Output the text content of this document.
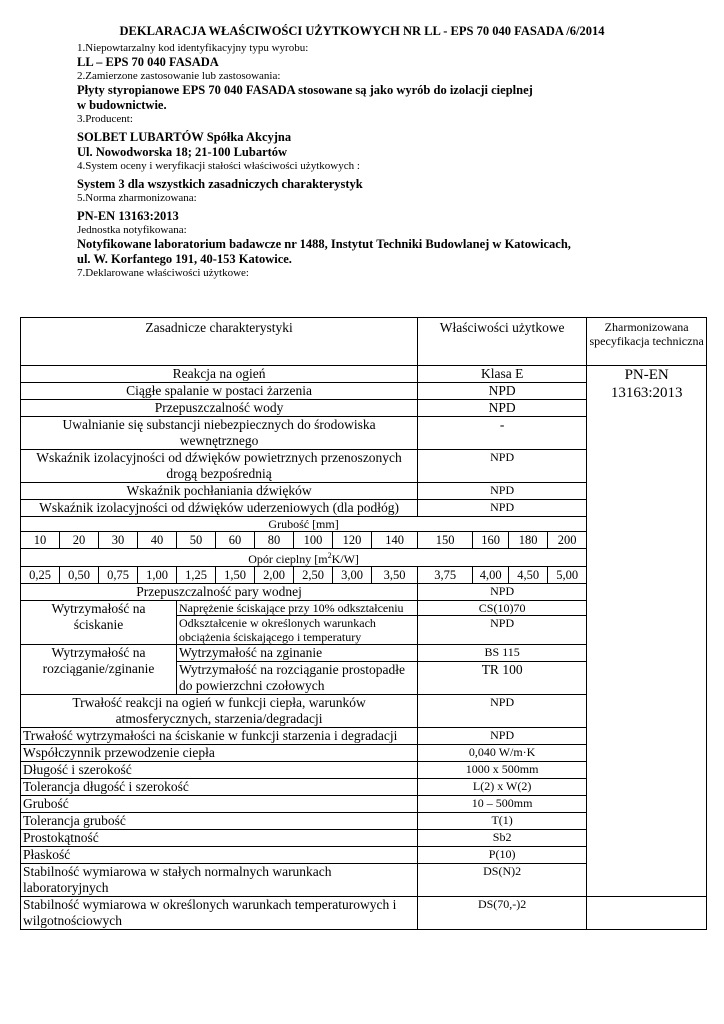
DEKLARACJA WŁAŚCIWOŚCI UŻYTKOWYCH NR LL - EPS 70 040 FASADA /6/2014
1.Niepowtarzalny kod identyfikacyjny typu wyrobu:
LL – EPS 70 040 FASADA
2.Zamierzone zastosowanie lub zastosowania:
Płyty styropianowe EPS 70 040 FASADA stosowane są jako wyrób do izolacji cieplnej
w budownictwie.
3.Producent:
SOLBET LUBARTÓW Spółka Akcyjna
Ul. Nowodworska 18; 21-100 Lubartów
4.System oceny i weryfikacji stałości właściwości użytkowych :
System 3 dla wszystkich zasadniczych charakterystyk
5.Norma zharmonizowana:
PN-EN 13163:2013
Jednostka notyfikowana:
Notyfikowane laboratorium badawcze nr 1488, Instytut Techniki Budowlanej w Katowicach,
ul. W. Korfantego 191, 40-153 Katowice.
7.Deklarowane właściwości użytkowe:
Zasadnicze charakterystyki										Właściwości użytkowe				Zharmonizowana specyfikacja techniczna
Reakcja na ogień										Klasa E				PN-EN 13163:2013
Ciągłe spalanie w postaci żarzenia										NPD				
Przepuszczalność wody										NPD				
Uwalnianie się substancji niebezpiecznych do środowiska wewnętrznego										-				
Wskaźnik izolacyjności od dźwięków powietrznych przenoszonych drogą bezpośrednią										NPD				
Wskaźnik pochłaniania dźwięków										NPD				
Wskaźnik izolacyjności od dźwięków uderzeniowych (dla podłóg)										NPD				
Grubość [mm]														
10	20	30	40	50	60	80	100	120	140	150	160	180	200	
Opór cieplny $[m^2K/W]$														
0,25	0,50	0,75	1,00	1,25	1,50	2,00	2,50	3,00	3,50	3,75	4,00	4,50	5,00	
Przepuszczalność pary wodnej										NPD				
Wytrzymałość na ściskanie				Naprężenie ściskające przy 10% odkształceniu						CS(10)70				
				Odkształcenie w określonych warunkach obciążenia ściskającego i temperatury						NPD				
Wytrzymałość na rozciąganie/zginanie				Wytrzymałość na zginanie						BS 115				
				Wytrzymałość na rozciąganie prostopadłe do powierzchni czołowych						TR 100				
Trwałość reakcji na ogień w funkcji ciepła, warunków atmosferycznych, starzenia/degradacji										NPD				
Trwałość wytrzymałości na ściskanie w funkcji starzenia i degradacji										NPD				
Współczynnik przewodzenie ciepła										0,040 W/m·K				
Długość i szerokość										1000 x 500mm				
Tolerancja długość i szerokość										L(2) x W(2)				
Grubość										10 – 500mm				
Tolerancja grubość										T(1)				
Prostokątność										Sb2				
Płaskość										P(10)				
Stabilność wymiarowa w stałych normalnych warunkach laboratoryjnych										DS(N)2				
Stabilność wymiarowa w określonych warunkach temperaturowych i wilgotnościowych										DS(70,-)2				
